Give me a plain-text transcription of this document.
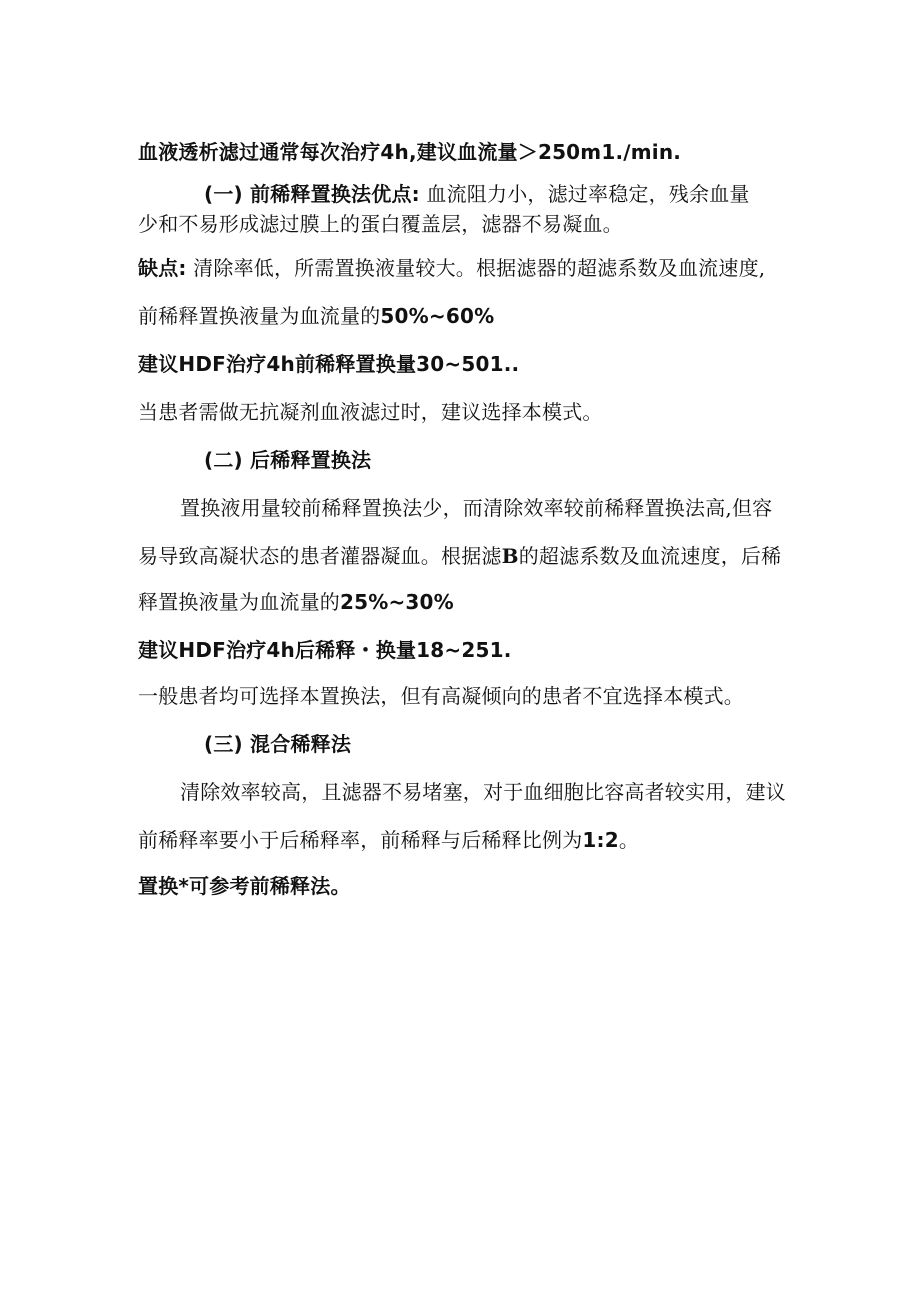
血液透析滤过通常每次治疗4h,建议血流量＞250m1.∕min.
(一) 前稀释置换法优点: 血流阻力小，滤过率稳定，残余血量
少和不易形成滤过膜上的蛋白覆盖层，滤器不易凝血。
缺点: 清除率低，所需置换液量较大。根据滤器的超滤系数及血流速度,
前稀释置换液量为血流量的50%~60%
建议HDF治疗4h前稀释置换量30~501..
当患者需做无抗凝剂血液滤过时，建议选择本模式。
(二) 后稀释置换法
置换液用量较前稀释置换法少，而清除效率较前稀释置换法高,但容
易导致高凝状态的患者灌器凝血。根据滤B的超滤系数及血流速度，后稀
释置换液量为血流量的25%~30%
建议HDF治疗4h后稀释・换量18~251.
一般患者均可选择本置换法，但有高凝倾向的患者不宜选择本模式。
(三) 混合稀释法
清除效率较高，且滤器不易堵塞，对于血细胞比容高者较实用，建议
前稀释率要小于后稀释率，前稀释与后稀释比例为1:2。
置换*可参考前稀释法。
